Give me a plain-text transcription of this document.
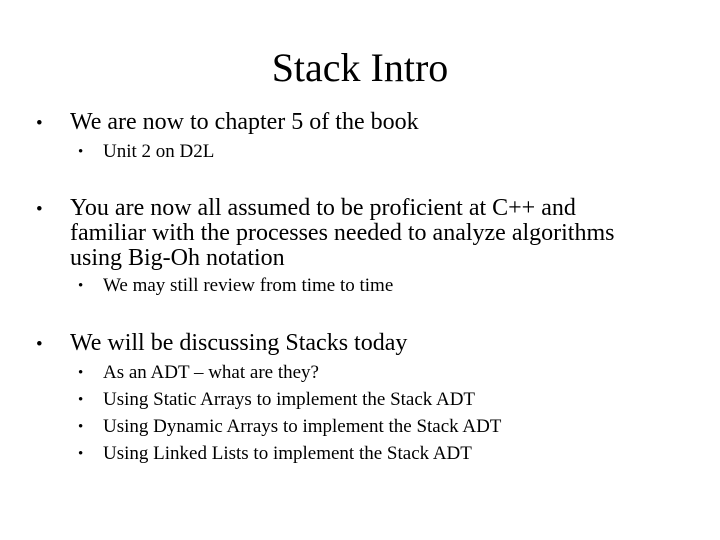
Stack Intro
• We are now to chapter 5 of the book
• Unit 2 on D2L
• You are now all assumed to be proficient at C++ and
familiar with the processes needed to analyze algorithms
using Big-Oh notation
• We may still review from time to time
• We will be discussing Stacks today
• As an ADT – what are they?
• Using Static Arrays to implement the Stack ADT
• Using Dynamic Arrays to implement the Stack ADT
• Using Linked Lists to implement the Stack ADT
